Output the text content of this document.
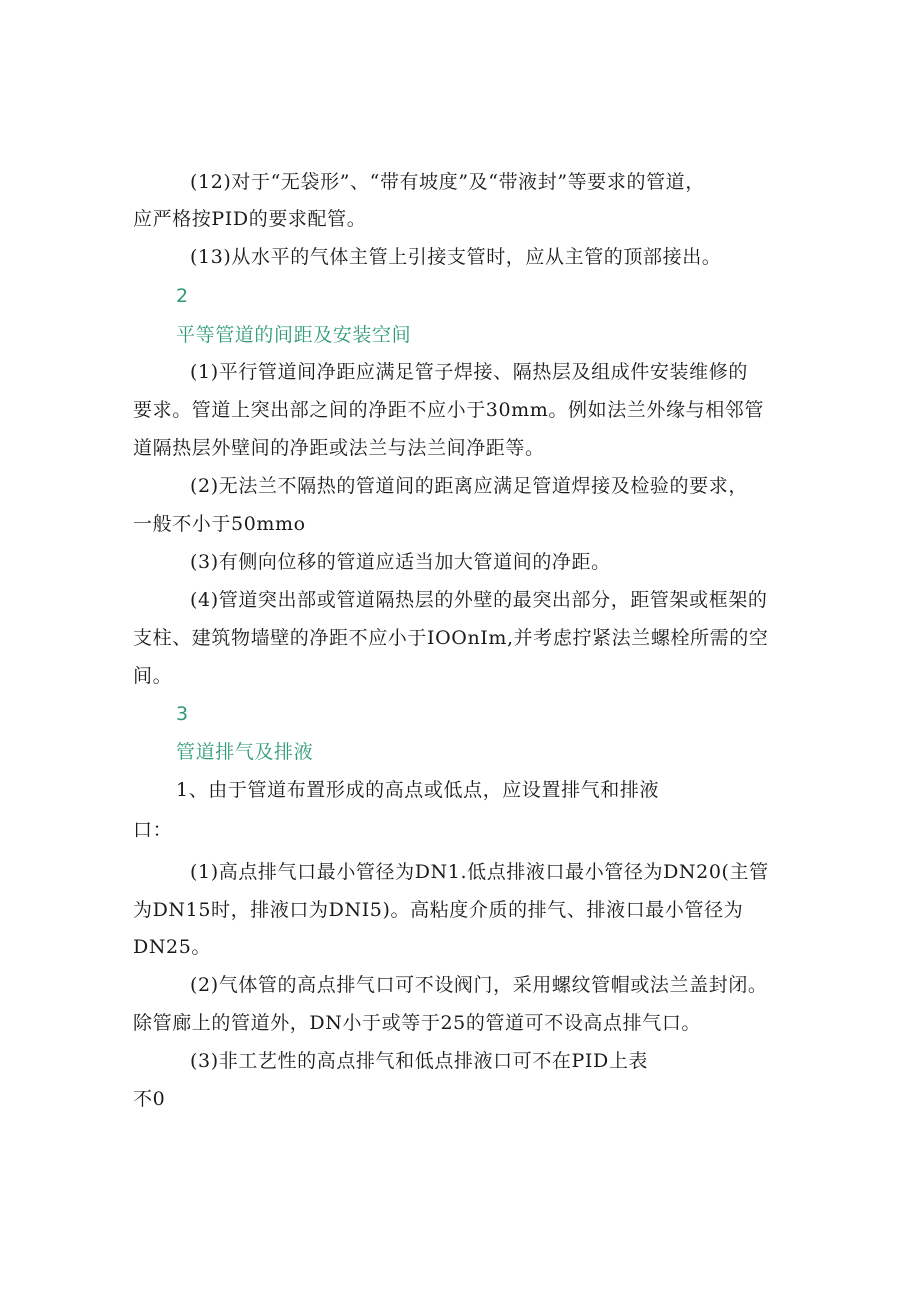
(12)对于“无袋形”、“带有坡度”及“带液封”等要求的管道，

应严格按PID的要求配管。

(13)从水平的气体主管上引接支管时，应从主管的顶部接出。

2

平等管道的间距及安装空间

(1)平行管道间净距应满足管子焊接、隔热层及组成件安装维修的

要求。管道上突出部之间的净距不应小于30mm。例如法兰外缘与相邻管

道隔热层外壁间的净距或法兰与法兰间净距等。

(2)无法兰不隔热的管道间的距离应满足管道焊接及检验的要求，

一般不小于50mmo

(3)有侧向位移的管道应适当加大管道间的净距。

(4)管道突出部或管道隔热层的外壁的最突出部分，距管架或框架的

支柱、建筑物墙壁的净距不应小于IOOnIm,并考虑拧紧法兰螺栓所需的空

间。

3

管道排气及排液

1、由于管道布置形成的高点或低点，应设置排气和排液

口：

(1)高点排气口最小管径为DN1.低点排液口最小管径为DN20(主管

为DN15时，排液口为DNI5)。高粘度介质的排气、排液口最小管径为

DN25。

(2)气体管的高点排气口可不设阀门，采用螺纹管帽或法兰盖封闭。

除管廊上的管道外，DN小于或等于25的管道可不设高点排气口。

(3)非工艺性的高点排气和低点排液口可不在PID上表

不0
